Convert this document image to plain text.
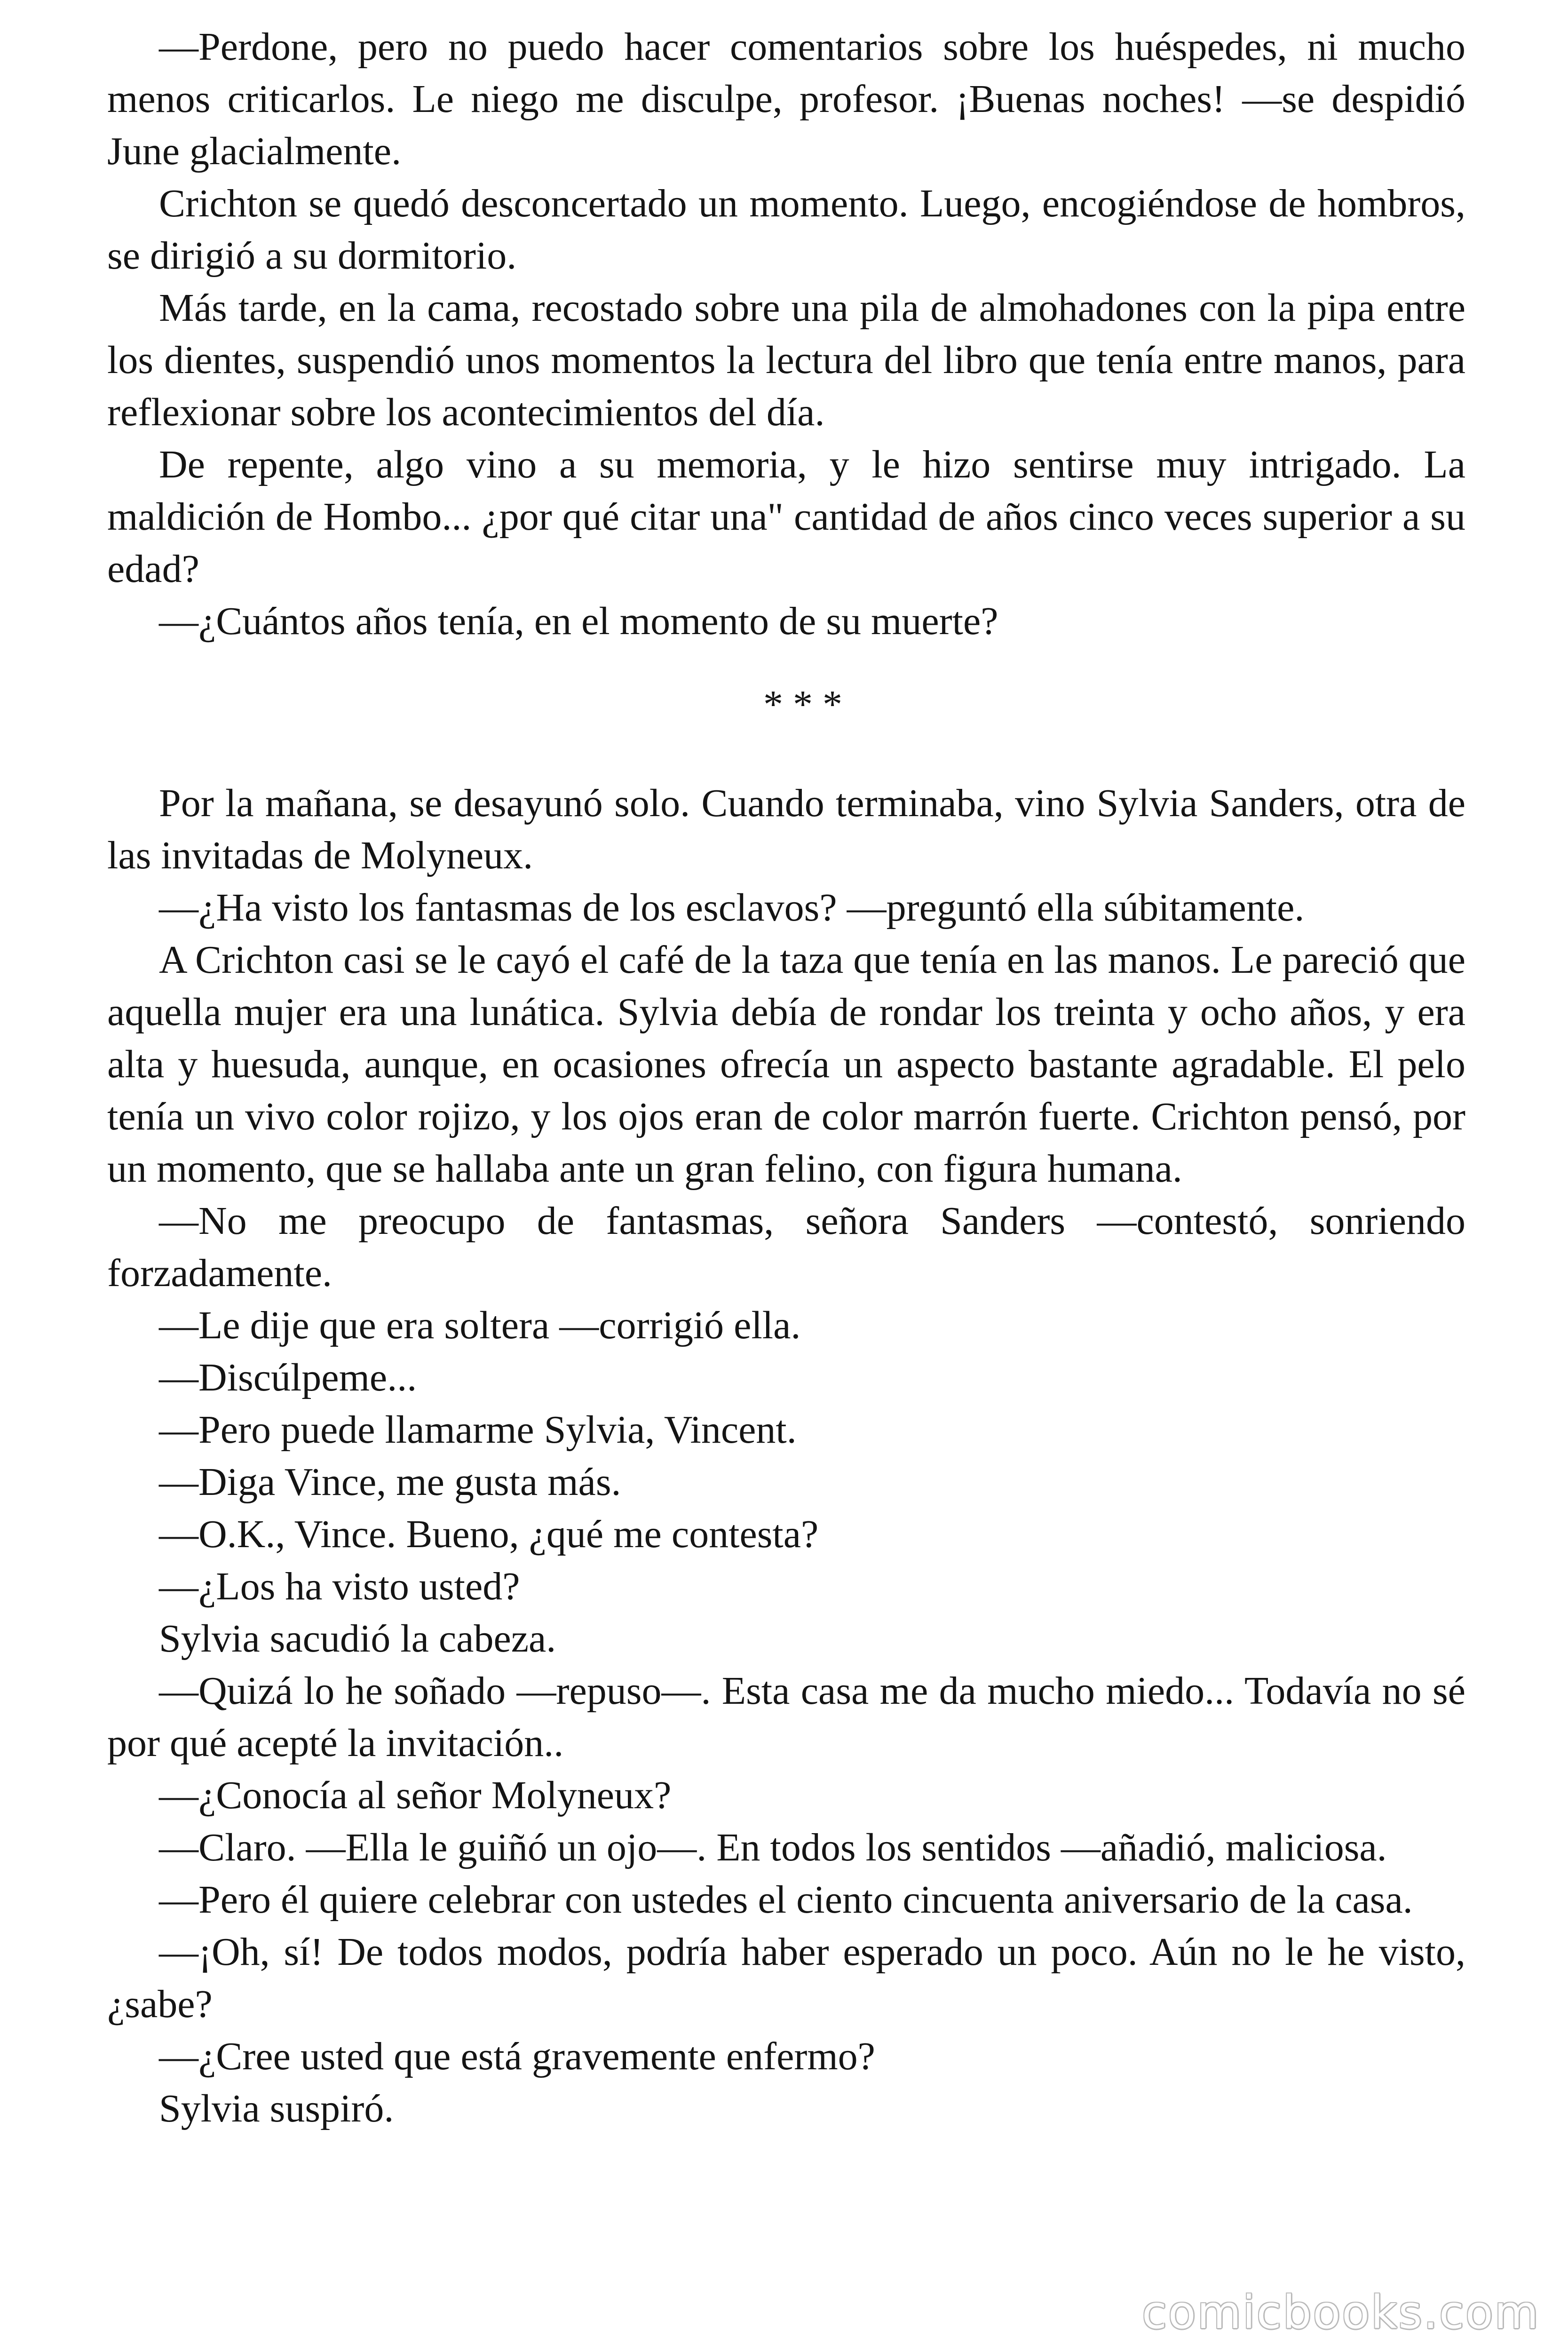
—Perdone, pero no puedo hacer comentarios sobre los huéspedes, ni mucho menos criticarlos. Le niego me disculpe, profesor. ¡Buenas noches! —se despidió June glacialmente.

Crichton se quedó desconcertado un momento. Luego, encogiéndose de hombros, se dirigió a su dormitorio.

Más tarde, en la cama, recostado sobre una pila de almohadones con la pipa entre los dientes, suspendió unos momentos la lectura del libro que tenía entre manos, para reflexionar sobre los acontecimientos del día.

De repente, algo vino a su memoria, y le hizo sentirse muy intrigado. La maldición de Hombo... ¿por qué citar una" cantidad de años cinco veces superior a su edad?

—¿Cuántos años tenía, en el momento de su muerte?

* * *

Por la mañana, se desayunó solo. Cuando terminaba, vino Sylvia Sanders, otra de las invitadas de Molyneux.

—¿Ha visto los fantasmas de los esclavos? —preguntó ella súbitamente.

A Crichton casi se le cayó el café de la taza que tenía en las manos. Le pareció que aquella mujer era una lunática. Sylvia debía de rondar los treinta y ocho años, y era alta y huesuda, aunque, en ocasiones ofrecía un aspecto bastante agradable. El pelo tenía un vivo color rojizo, y los ojos eran de color marrón fuerte. Crichton pensó, por un momento, que se hallaba ante un gran felino, con figura humana.

—No me preocupo de fantasmas, señora Sanders —contestó, sonriendo forzadamente.

—Le dije que era soltera —corrigió ella.

—Discúlpeme...

—Pero puede llamarme Sylvia, Vincent.

—Diga Vince, me gusta más.

—O.K., Vince. Bueno, ¿qué me contesta?

—¿Los ha visto usted?

Sylvia sacudió la cabeza.

—Quizá lo he soñado —repuso—. Esta casa me da mucho miedo... Todavía no sé por qué acepté la invitación..

—¿Conocía al señor Molyneux?

—Claro. —Ella le guiñó un ojo—. En todos los sentidos —añadió, maliciosa.

—Pero él quiere celebrar con ustedes el ciento cincuenta aniversario de la casa.

—¡Oh, sí! De todos modos, podría haber esperado un poco. Aún no le he visto, ¿sabe?

—¿Cree usted que está gravemente enfermo?

Sylvia suspiró.

comicbooks.com
